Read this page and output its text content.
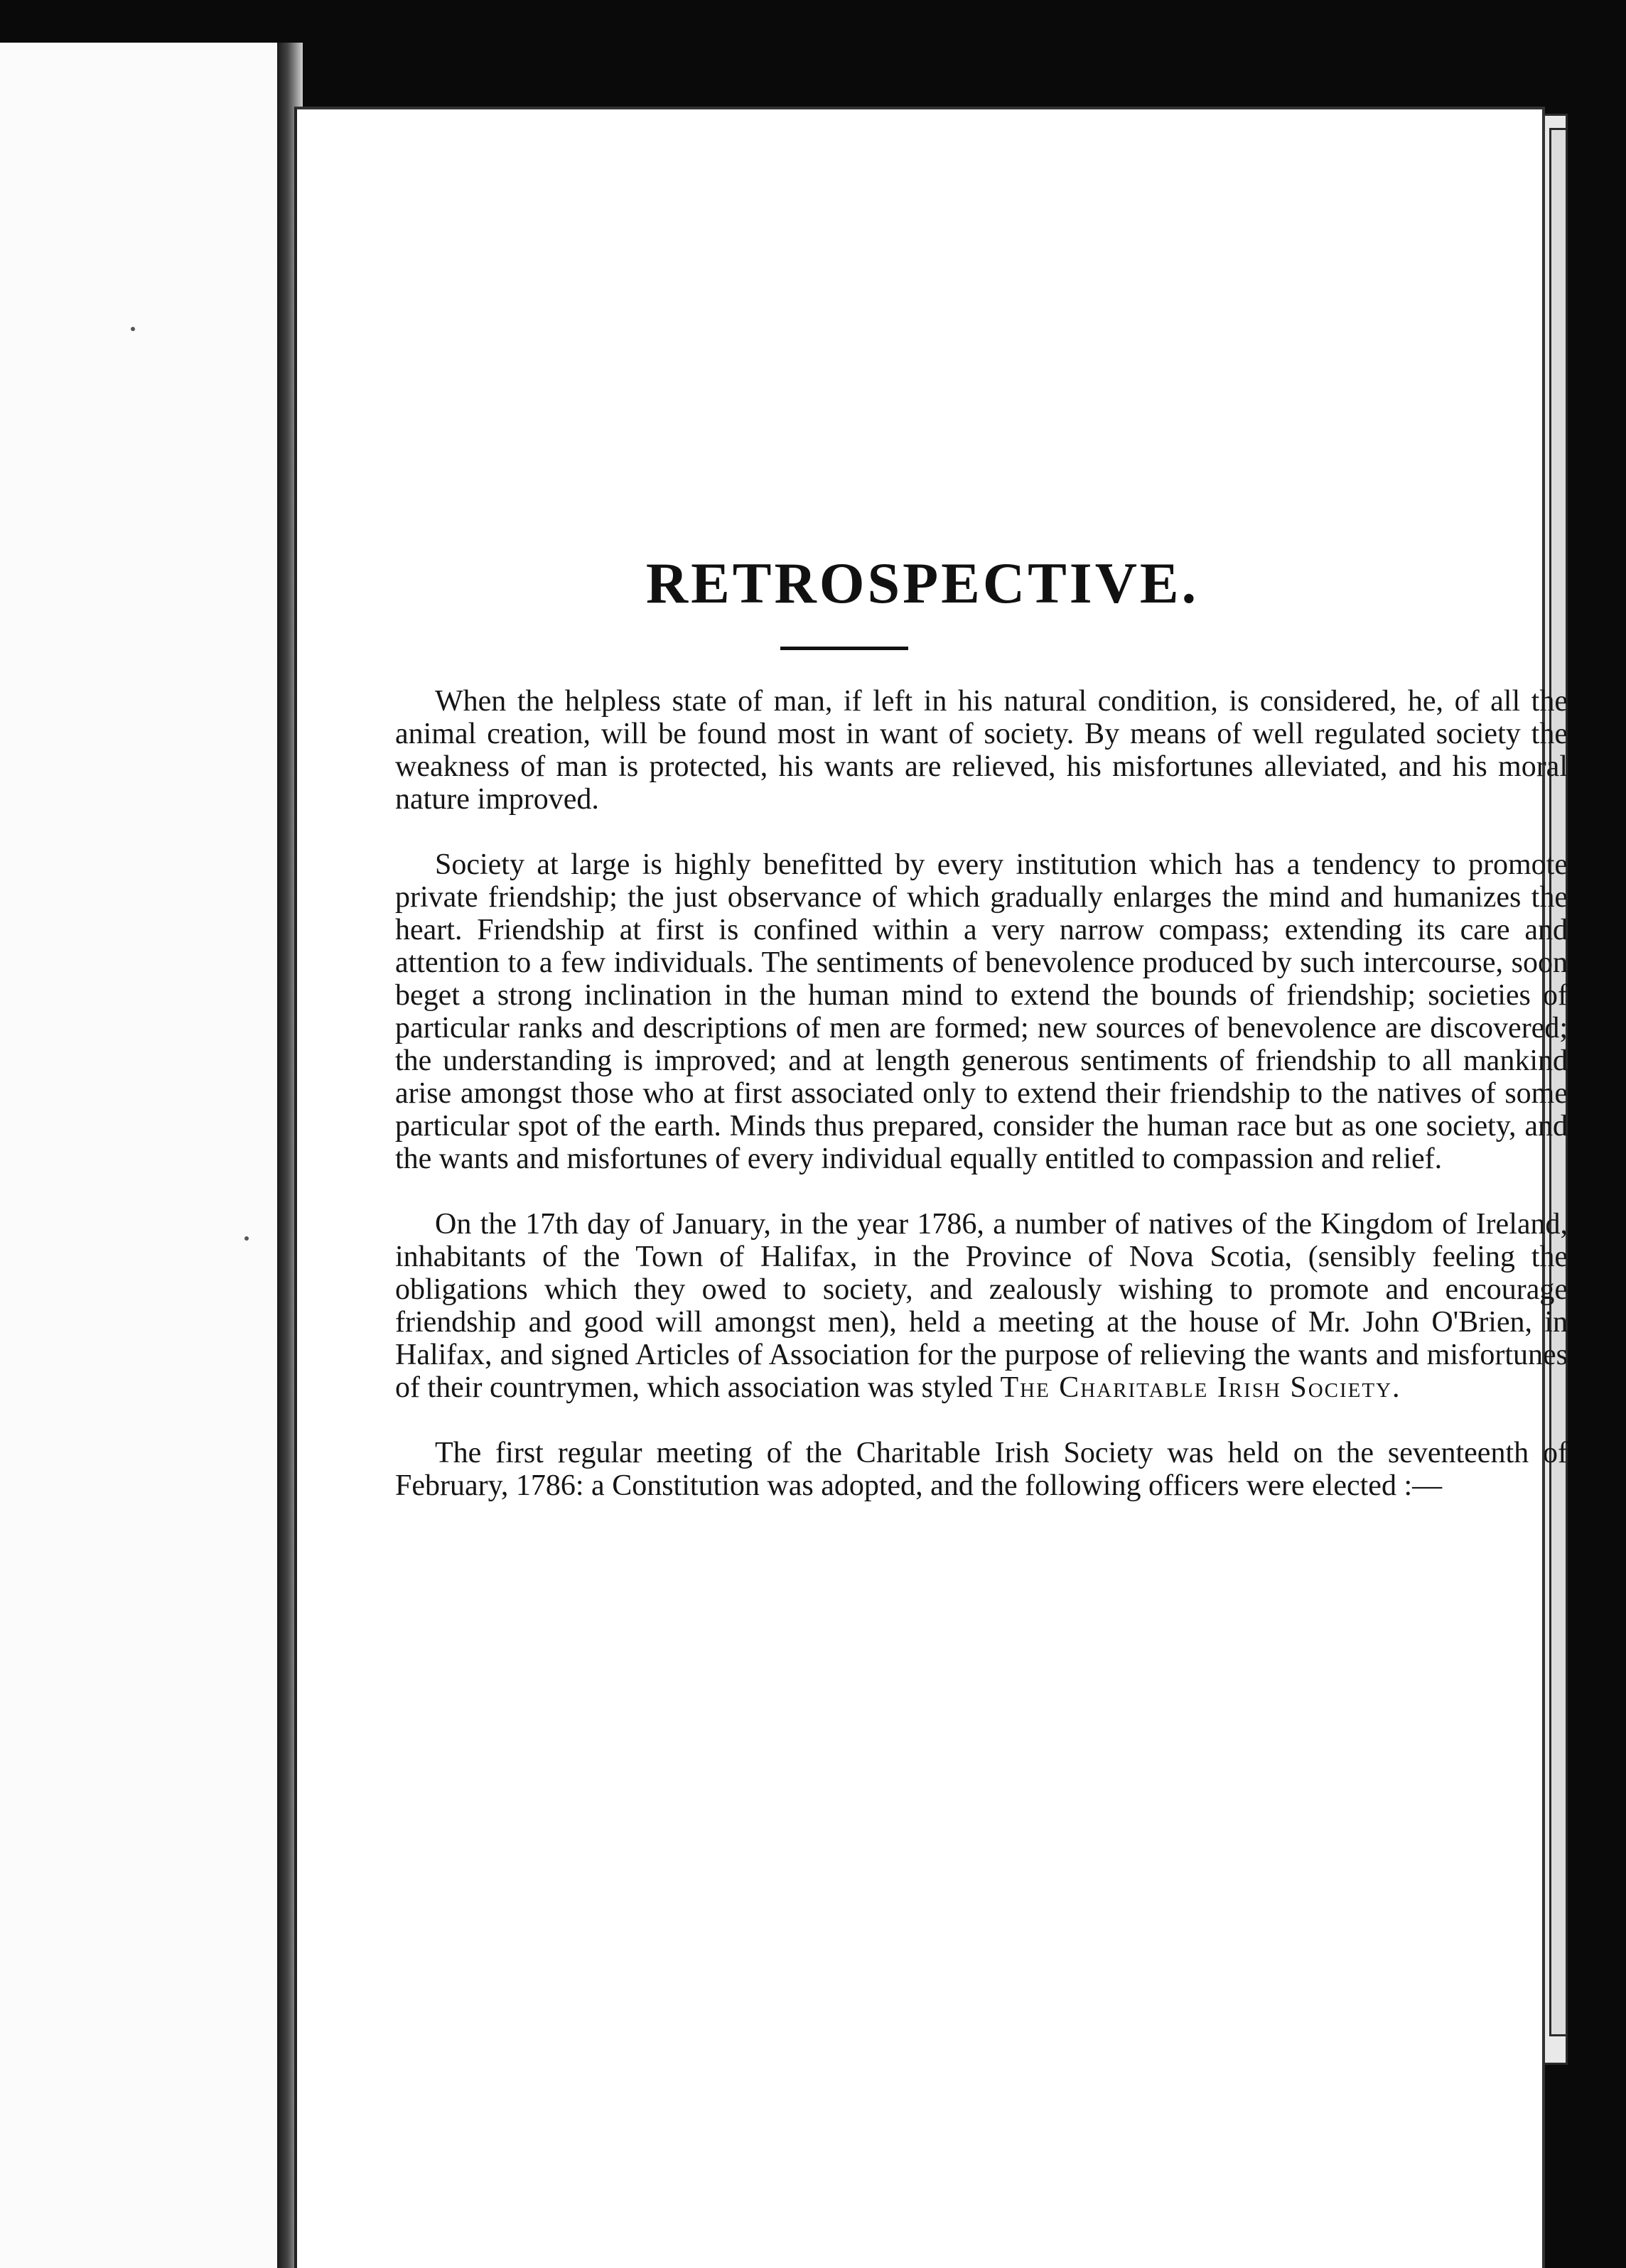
RETROSPECTIVE.

When the helpless state of man, if left in his natural condition, is considered, he, of all the animal creation, will be found most in want of society. By means of well regulated society the weakness of man is protected, his wants are relieved, his misfortunes alleviated, and his moral nature improved.

Society at large is highly benefitted by every institution which has a tendency to promote private friendship; the just observance of which gradually enlarges the mind and humanizes the heart. Friendship at first is confined within a very narrow compass; extending its care and attention to a few individuals. The sentiments of benevolence produced by such intercourse, soon beget a strong inclination in the human mind to extend the bounds of friendship; societies of particular ranks and descriptions of men are formed; new sources of benevolence are discovered; the understanding is improved; and at length generous sentiments of friendship to all mankind arise amongst those who at first associated only to extend their friendship to the natives of some particular spot of the earth. Minds thus prepared, consider the human race but as one society, and the wants and misfortunes of every individual equally entitled to compassion and relief.

On the 17th day of January, in the year 1786, a number of natives of the Kingdom of Ireland, inhabitants of the Town of Halifax, in the Province of Nova Scotia, (sensibly feeling the obligations which they owed to society, and zealously wishing to promote and encourage friendship and good will amongst men), held a meeting at the house of Mr. John O'Brien, in Halifax, and signed Articles of Association for the purpose of relieving the wants and misfortunes of their countrymen, which association was styled The Charitable Irish Society.

The first regular meeting of the Charitable Irish Society was held on the seventeenth of February, 1786: a Constitution was adopted, and the following officers were elected :—
